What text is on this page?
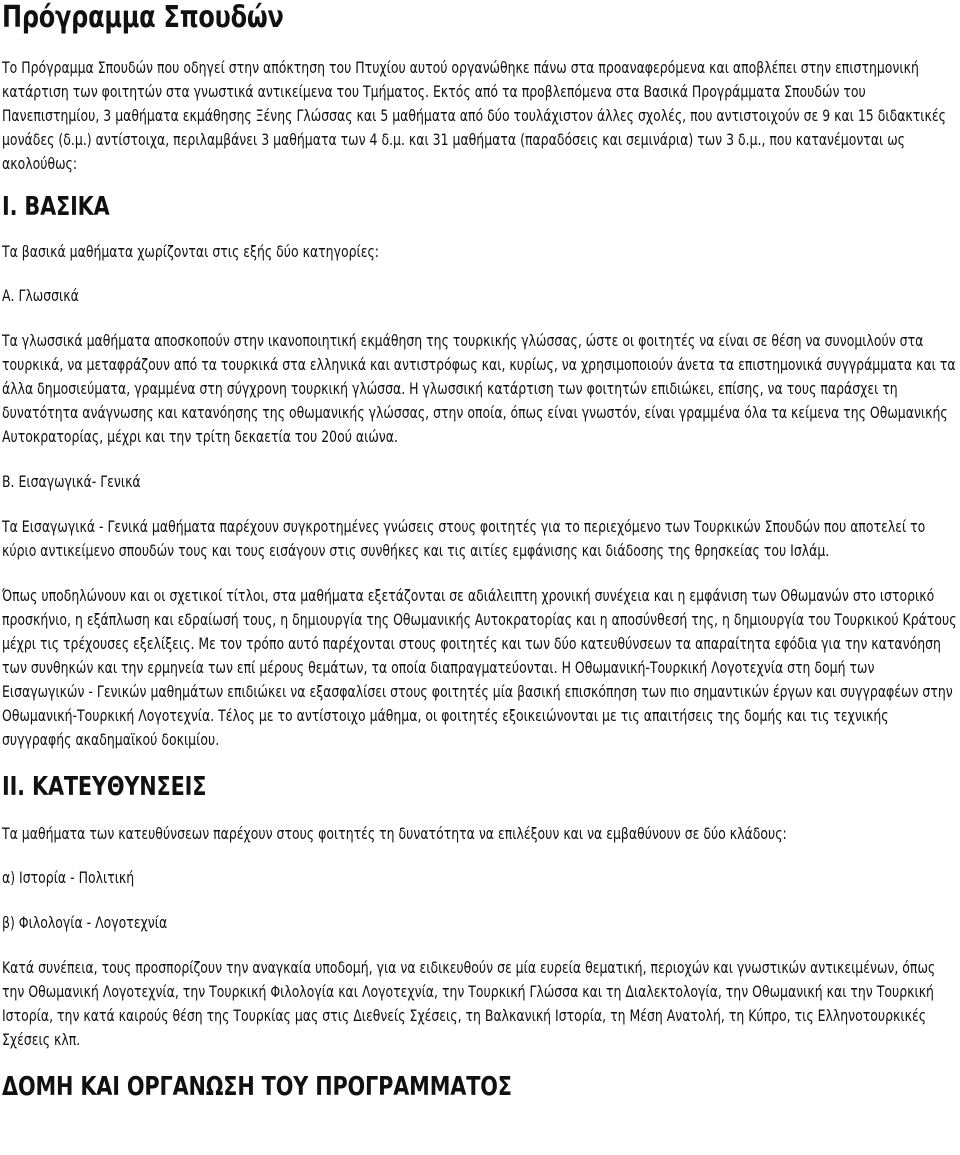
Πρόγραμμα Σπουδών

Το Πρόγραμμα Σπουδών που οδηγεί στην απόκτηση του Πτυχίου αυτού οργανώθηκε πάνω στα προαναφερόμενα και αποβλέπει στην επιστημονική κατάρτιση των φοιτητών στα γνωστικά αντικείμενα του Τμήματος. Εκτός από τα προβλεπόμενα στα Βασικά Προγράμματα Σπουδών του Πανεπιστημίου, 3 μαθήματα εκμάθησης Ξένης Γλώσσας και 5 μαθήματα από δύο τουλάχιστον άλλες σχολές, που αντιστοιχούν σε 9 και 15 διδακτικές μονάδες (δ.μ.) αντίστοιχα, περιλαμβάνει 3 μαθήματα των 4 δ.μ. και 31 μαθήματα (παραδόσεις και σεμινάρια) των 3 δ.μ., που κατανέμονται ως ακολούθως:

Ι. ΒΑΣΙΚΑ

Τα βασικά μαθήματα χωρίζονται στις εξής δύο κατηγορίες:

Α. Γλωσσικά

Τα γλωσσικά μαθήματα αποσκοπούν στην ικανοποιητική εκμάθηση της τουρκικής γλώσσας, ώστε οι φοιτητές να είναι σε θέση να συνομιλούν στα τουρκικά, να μεταφράζουν από τα τουρκικά στα ελληνικά και αντιστρόφως και, κυρίως, να χρησιμοποιούν άνετα τα επιστημονικά συγγράμματα και τα άλλα δημοσιεύματα, γραμμένα στη σύγχρονη τουρκική γλώσσα. Η γλωσσική κατάρτιση των φοιτητών επιδιώκει, επίσης, να τους παράσχει τη δυνατότητα ανάγνωσης και κατανόησης της οθωμανικής γλώσσας, στην οποία, όπως είναι γνωστόν, είναι γραμμένα όλα τα κείμενα της Οθωμανικής Αυτοκρατορίας, μέχρι και την τρίτη δεκαετία του 20ού αιώνα.

Β. Εισαγωγικά- Γενικά

Τα Εισαγωγικά - Γενικά μαθήματα παρέχουν συγκροτημένες γνώσεις στους φοιτητές για το περιεχόμενο των Τουρκικών Σπουδών που αποτελεί το κύριο αντικείμενο σπουδών τους και τους εισάγουν στις συνθήκες και τις αιτίες εμφάνισης και διάδοσης της θρησκείας του Ισλάμ.

Όπως υποδηλώνουν και οι σχετικοί τίτλοι, στα μαθήματα εξετάζονται σε αδιάλειπτη χρονική συνέχεια και η εμφάνιση των Οθωμανών στο ιστορικό προσκήνιο, η εξάπλωση και εδραίωσή τους, η δημιουργία της Οθωμανικής Αυτοκρατορίας και η αποσύνθεσή της, η δημιουργία του Τουρκικού Κράτους μέχρι τις τρέχουσες εξελίξεις. Με τον τρόπο αυτό παρέχονται στους φοιτητές και των δύο κατευθύνσεων τα απαραίτητα εφόδια για την κατανόηση των συνθηκών και την ερμηνεία των επί μέρους θεμάτων, τα οποία διαπραγματεύονται. Η Οθωμανική-Τουρκική Λογοτεχνία στη δομή των Εισαγωγικών - Γενικών μαθημάτων επιδιώκει να εξασφαλίσει στους φοιτητές μία βασική επισκόπηση των πιο σημαντικών έργων και συγγραφέων στην Οθωμανική-Τουρκική Λογοτεχνία. Τέλος με το αντίστοιχο μάθημα, οι φοιτητές εξοικειώνονται με τις απαιτήσεις της δομής και τις τεχνικής συγγραφής ακαδημαϊκού δοκιμίου.

ΙΙ. ΚΑΤΕΥΘΥΝΣΕΙΣ

Τα μαθήματα των κατευθύνσεων παρέχουν στους φοιτητές τη δυνατότητα να επιλέξουν και να εμβαθύνουν σε δύο κλάδους:

α) Ιστορία - Πολιτική

β) Φιλολογία - Λογοτεχνία

Κατά συνέπεια, τους προσπορίζουν την αναγκαία υποδομή, για να ειδικευθούν σε μία ευρεία θεματική, περιοχών και γνωστικών αντικειμένων, όπως την Οθωμανική Λογοτεχνία, την Τουρκική Φιλολογία και Λογοτεχνία, την Τουρκική Γλώσσα και τη Διαλεκτολογία, την Οθωμανική και την Τουρκική Ιστορία, την κατά καιρούς θέση της Τουρκίας μας στις Διεθνείς Σχέσεις, τη Βαλκανική Ιστορία, τη Μέση Ανατολή, τη Κύπρο, τις Ελληνοτουρκικές Σχέσεις κλπ.

ΔΟΜΗ ΚΑΙ ΟΡΓΑΝΩΣΗ ΤΟΥ ΠΡΟΓΡΑΜΜΑΤΟΣ
